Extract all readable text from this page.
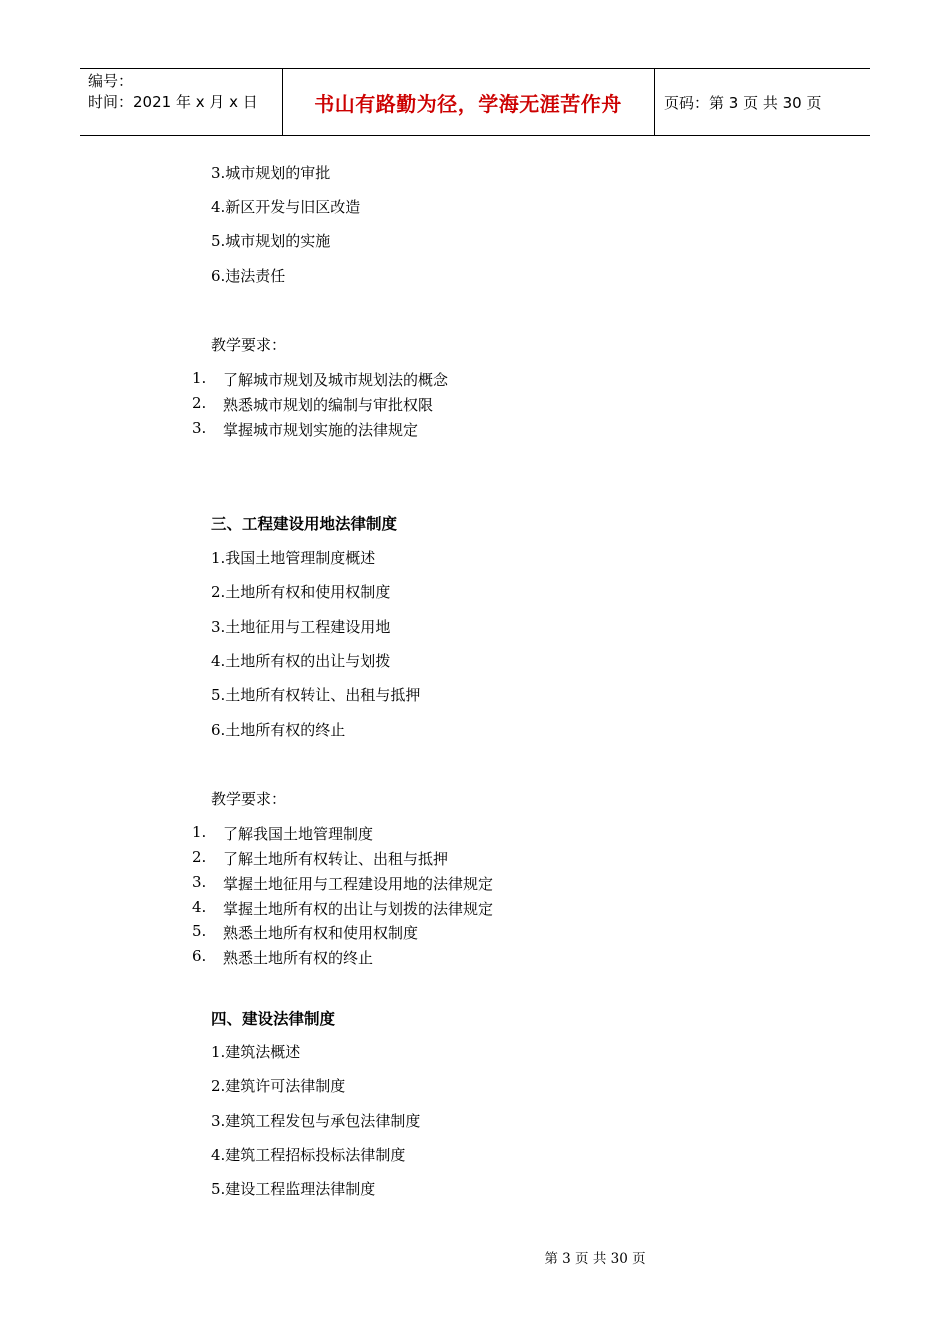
编号：
时间：2021 年 x 月 x 日	书山有路勤为径，学海无涯苦作舟	页码：第 3 页 共 30 页
3.城市规划的审批
4.新区开发与旧区改造
5.城市规划的实施
6.违法责任
教学要求：
1. 了解城市规划及城市规划法的概念
2. 熟悉城市规划的编制与审批权限
3. 掌握城市规划实施的法律规定
三、工程建设用地法律制度
1.我国土地管理制度概述
2.土地所有权和使用权制度
3.土地征用与工程建设用地
4.土地所有权的出让与划拨
5.土地所有权转让、出租与抵押
6.土地所有权的终止
教学要求：
1. 了解我国土地管理制度
2. 了解土地所有权转让、出租与抵押
3. 掌握土地征用与工程建设用地的法律规定
4. 掌握土地所有权的出让与划拨的法律规定
5. 熟悉土地所有权和使用权制度
6. 熟悉土地所有权的终止
四、建设法律制度
1.建筑法概述
2.建筑许可法律制度
3.建筑工程发包与承包法律制度
4.建筑工程招标投标法律制度
5.建设工程监理法律制度
第 3 页 共 30 页
